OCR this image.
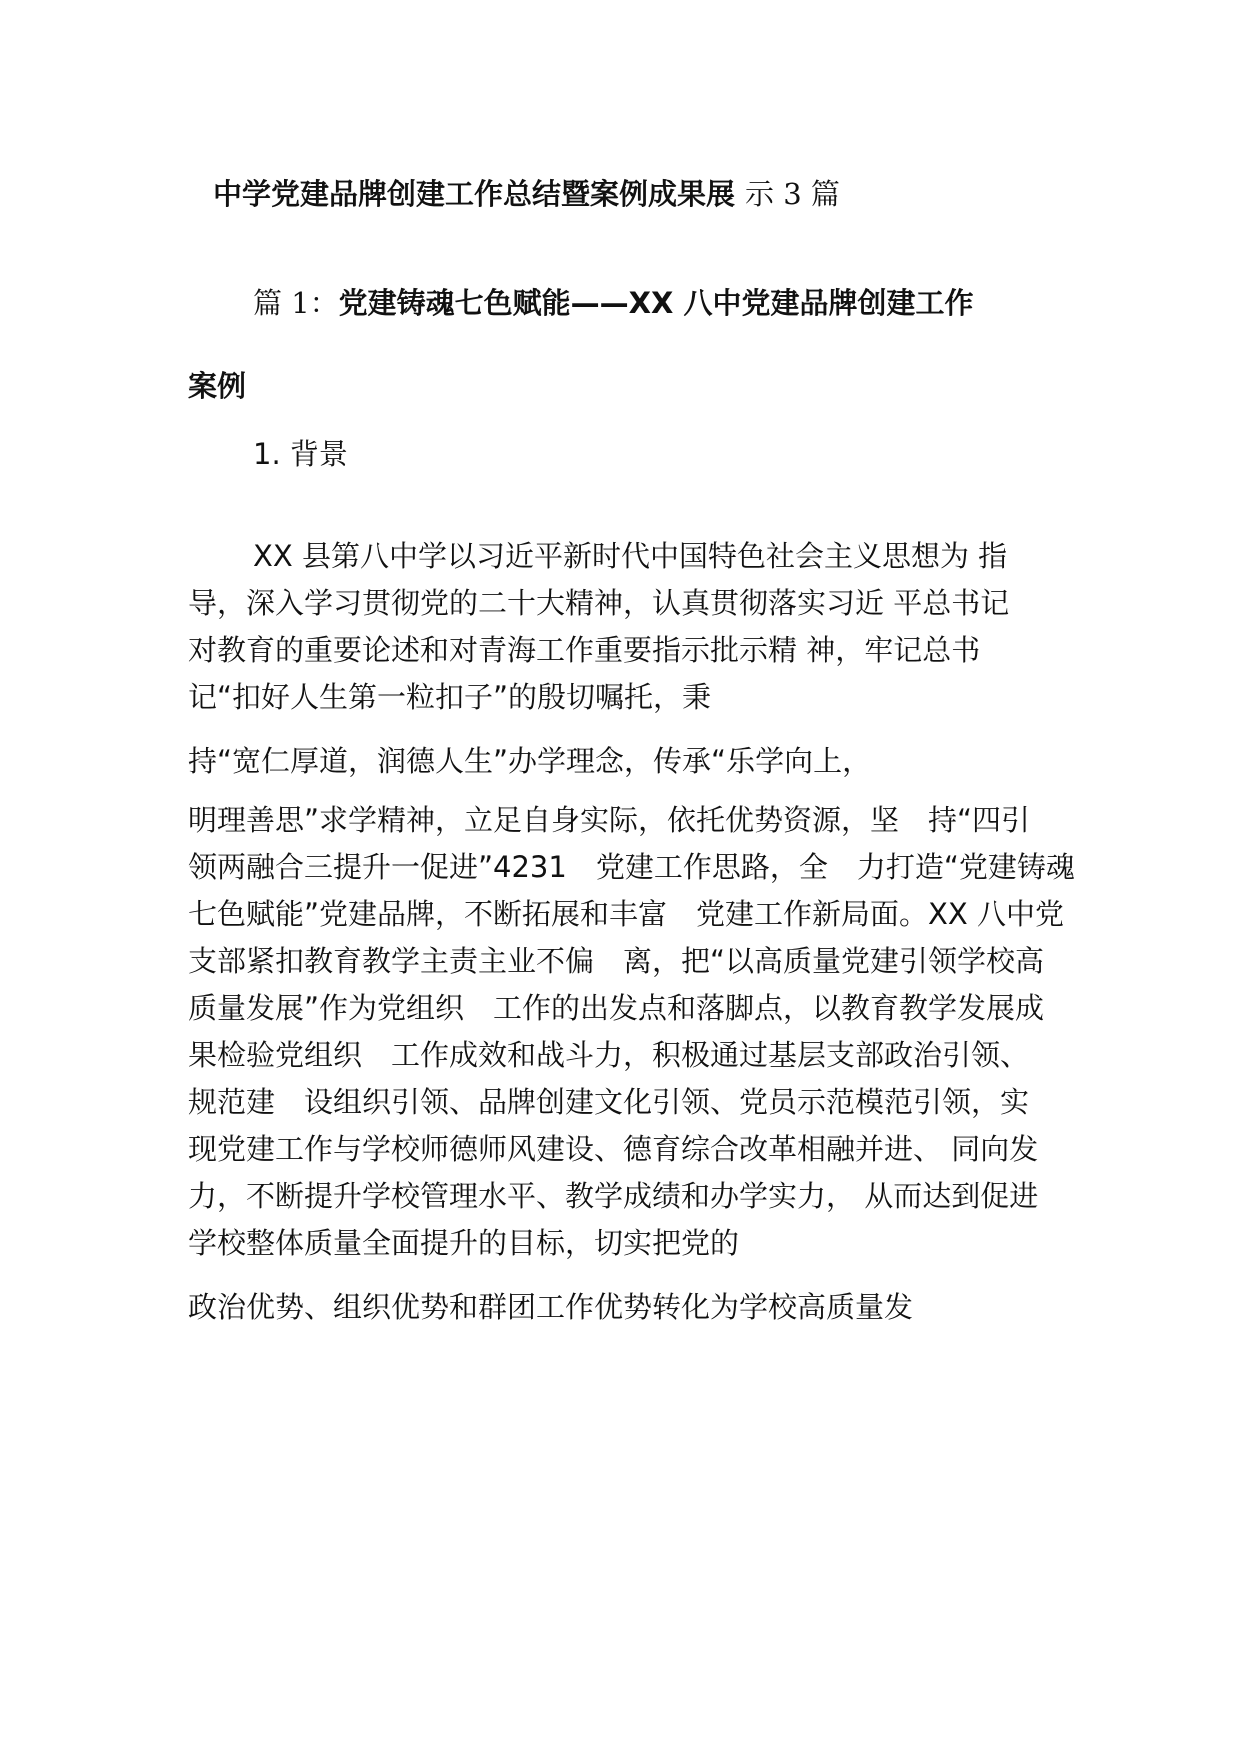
中学党建品牌创建工作总结暨案例成果展 示 3 篇
篇 1：党建铸魂七色赋能——XX 八中党建品牌创建工作
案例
1. 背景
XX 县第八中学以习近平新时代中国特色社会主义思想为 指
导，深入学习贯彻党的二十大精神，认真贯彻落实习近 平总书记
对教育的重要论述和对青海工作重要指示批示精 神，牢记总书
记“扣好人生第一粒扣子”的殷切嘱托，秉
持“宽仁厚道，润德人生”办学理念，传承“乐学向上，
明理善思”求学精神，立足自身实际，依托优势资源，坚　持“四引
领两融合三提升一促进”4231　党建工作思路，全　力打造“党建铸魂
七色赋能”党建品牌，不断拓展和丰富　党建工作新局面。XX 八中党
支部紧扣教育教学主责主业不偏　离，把“以高质量党建引领学校高
质量发展”作为党组织　工作的出发点和落脚点，以教育教学发展成
果检验党组织　工作成效和战斗力，积极通过基层支部政治引领、
规范建　设组织引领、品牌创建文化引领、党员示范模范引领，实
现党建工作与学校师德师风建设、德育综合改革相融并进、 同向发
力，不断提升学校管理水平、教学成绩和办学实力， 从而达到促进
学校整体质量全面提升的目标，切实把党的
政治优势、组织优势和群团工作优势转化为学校高质量发
